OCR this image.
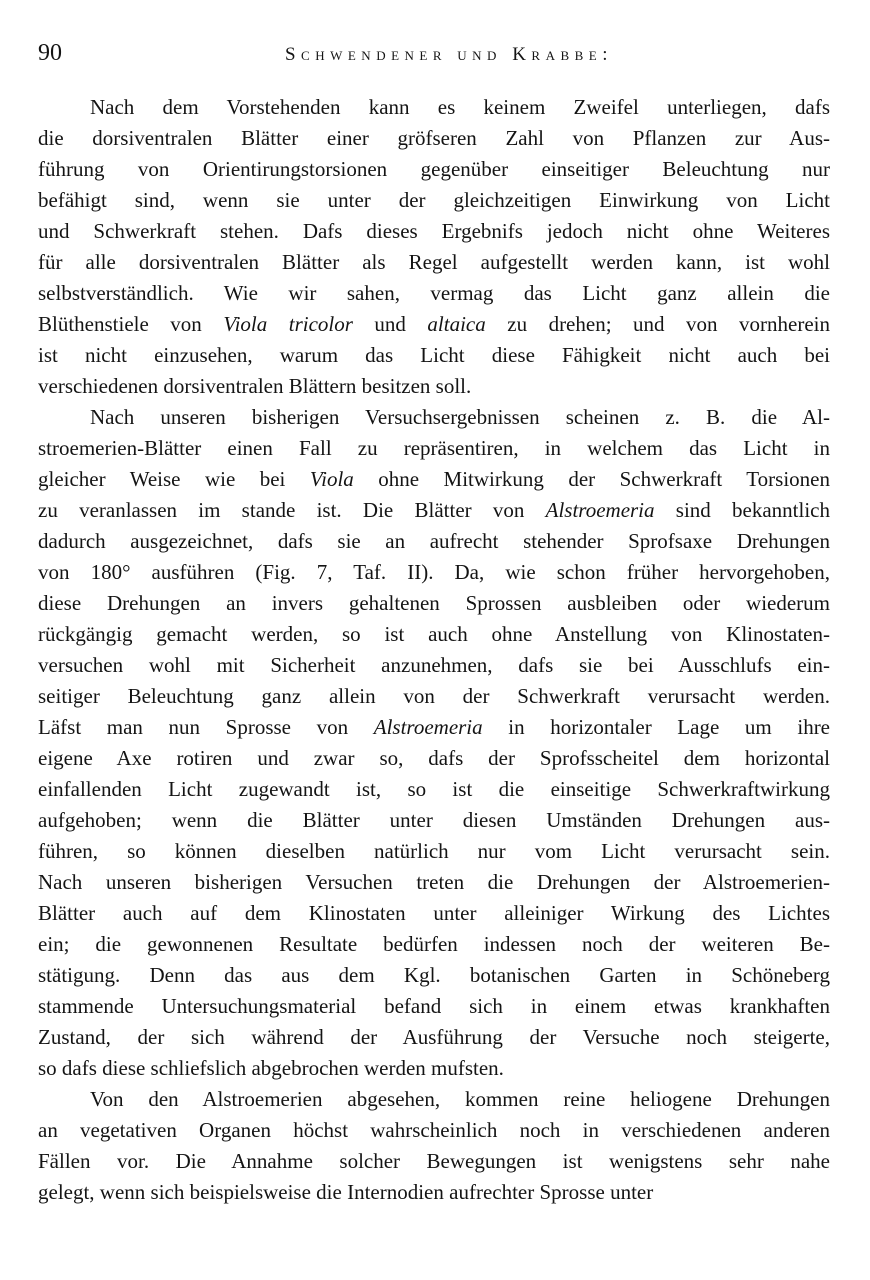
90	Schwendener und Krabbe:
Nach dem Vorstehenden kann es keinem Zweifel unterliegen, dafs
die dorsiventralen Blätter einer gröfseren Zahl von Pflanzen zur Aus-
führung von Orientirungstorsionen gegenüber einseitiger Beleuchtung nur
befähigt sind, wenn sie unter der gleichzeitigen Einwirkung von Licht
und Schwerkraft stehen. Dafs dieses Ergebnifs jedoch nicht ohne Weiteres
für alle dorsiventralen Blätter als Regel aufgestellt werden kann, ist wohl
selbstverständlich. Wie wir sahen, vermag das Licht ganz allein die
Blüthenstiele von Viola tricolor und altaica zu drehen; und von vornherein
ist nicht einzusehen, warum das Licht diese Fähigkeit nicht auch bei
verschiedenen dorsiventralen Blättern besitzen soll.
Nach unseren bisherigen Versuchsergebnissen scheinen z. B. die Al-
stroemerien-Blätter einen Fall zu repräsentiren, in welchem das Licht in
gleicher Weise wie bei Viola ohne Mitwirkung der Schwerkraft Torsionen
zu veranlassen im stande ist. Die Blätter von Alstroemeria sind bekanntlich
dadurch ausgezeichnet, dafs sie an aufrecht stehender Sprofsaxe Drehungen
von 180° ausführen (Fig. 7, Taf. II). Da, wie schon früher hervorgehoben,
diese Drehungen an invers gehaltenen Sprossen ausbleiben oder wiederum
rückgängig gemacht werden, so ist auch ohne Anstellung von Klinostaten-
versuchen wohl mit Sicherheit anzunehmen, dafs sie bei Ausschlufs ein-
seitiger Beleuchtung ganz allein von der Schwerkraft verursacht werden.
Läfst man nun Sprosse von Alstroemeria in horizontaler Lage um ihre
eigene Axe rotiren und zwar so, dafs der Sprofsscheitel dem horizontal
einfallenden Licht zugewandt ist, so ist die einseitige Schwerkraftwirkung
aufgehoben; wenn die Blätter unter diesen Umständen Drehungen aus-
führen, so können dieselben natürlich nur vom Licht verursacht sein.
Nach unseren bisherigen Versuchen treten die Drehungen der Alstroemerien-
Blätter auch auf dem Klinostaten unter alleiniger Wirkung des Lichtes
ein; die gewonnenen Resultate bedürfen indessen noch der weiteren Be-
stätigung. Denn das aus dem Kgl. botanischen Garten in Schöneberg
stammende Untersuchungsmaterial befand sich in einem etwas krankhaften
Zustand, der sich während der Ausführung der Versuche noch steigerte,
so dafs diese schliefslich abgebrochen werden mufsten.
Von den Alstroemerien abgesehen, kommen reine heliogene Drehungen
an vegetativen Organen höchst wahrscheinlich noch in verschiedenen anderen
Fällen vor. Die Annahme solcher Bewegungen ist wenigstens sehr nahe
gelegt, wenn sich beispielsweise die Internodien aufrechter Sprosse unter
